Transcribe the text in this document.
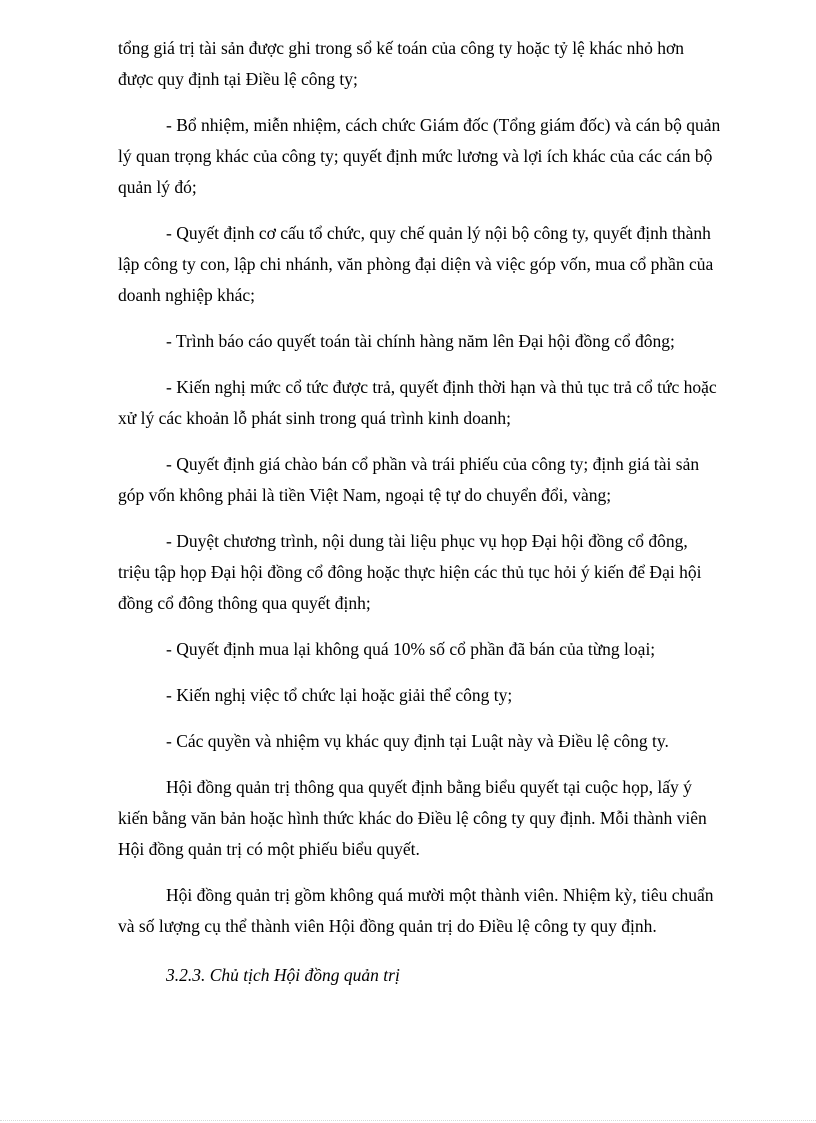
tổng giá trị tài sản được ghi trong sổ kế toán của công ty hoặc tỷ lệ khác nhỏ hơn
được quy định tại Điều lệ công ty;

- Bổ nhiệm, miễn nhiệm, cách chức Giám đốc (Tổng giám đốc) và cán bộ quản
lý quan trọng khác của công ty; quyết định mức lương và lợi ích khác của các cán bộ
quản lý đó;

- Quyết định cơ cấu tổ chức, quy chế quản lý nội bộ công ty, quyết định thành
lập công ty con, lập chi nhánh, văn phòng đại diện và việc góp vốn, mua cổ phần của
doanh nghiệp khác;

- Trình báo cáo quyết toán tài chính hàng năm lên Đại hội đồng cổ đông;

- Kiến nghị mức cổ tức được trả, quyết định thời hạn và thủ tục trả cổ tức hoặc
xử lý các khoản lỗ phát sinh trong quá trình kinh doanh;

- Quyết định giá chào bán cổ phần và trái phiếu của công ty; định giá tài sản
góp vốn không phải là tiền Việt Nam, ngoại tệ tự do chuyển đổi, vàng;

- Duyệt chương trình, nội dung tài liệu phục vụ họp Đại hội đồng cổ đông,
triệu tập họp Đại hội đồng cổ đông hoặc thực hiện các thủ tục hỏi ý kiến để Đại hội
đồng cổ đông thông qua quyết định;

- Quyết định mua lại không quá 10% số cổ phần đã bán của từng loại;

- Kiến nghị việc tổ chức lại hoặc giải thể công ty;

- Các quyền và nhiệm vụ khác quy định tại Luật này và Điều lệ công ty.

Hội đồng quản trị thông qua quyết định bằng biểu quyết tại cuộc họp, lấy ý
kiến bằng văn bản hoặc hình thức khác do Điều lệ công ty quy định. Mỗi thành viên
Hội đồng quản trị có một phiếu biểu quyết.

Hội đồng quản trị gồm không quá mười một thành viên. Nhiệm kỳ, tiêu chuẩn
và số lượng cụ thể thành viên Hội đồng quản trị do Điều lệ công ty quy định.

3.2.3. Chủ tịch Hội đồng quản trị
